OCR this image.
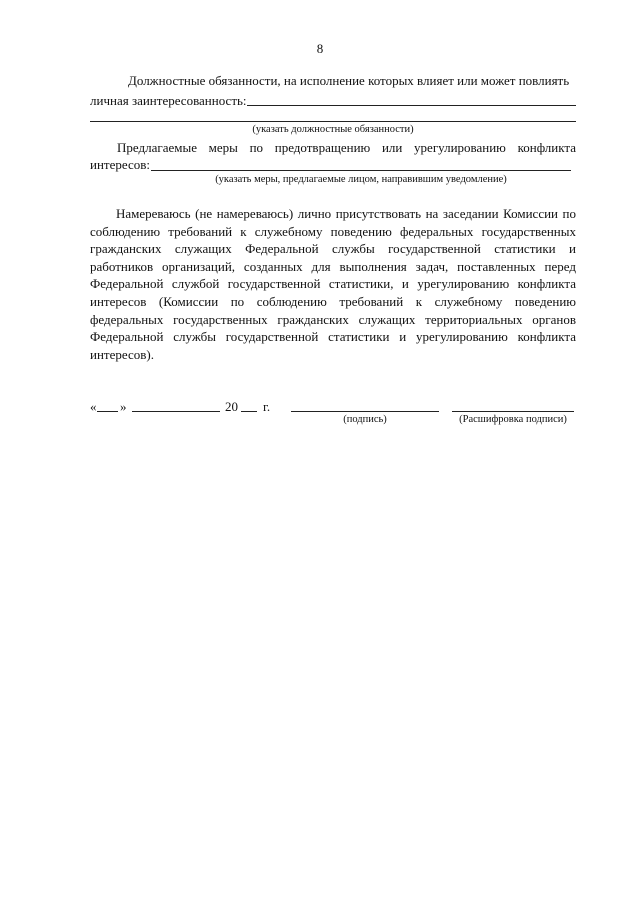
8
Должностные обязанности, на исполнение которых влияет или может повлиять
личная заинтересованность:
(указать должностные обязанности)
Предлагаемые меры по предотвращению или урегулированию конфликта
интересов:
(указать меры, предлагаемые лицом, направившим уведомление)
Намереваюсь (не намереваюсь) лично присутствовать на заседании Комиссии по соблюдению требований к служебному поведению федеральных государственных гражданских служащих Федеральной службы государственной статистики и работников организаций, созданных для выполнения задач, поставленных перед Федеральной службой государственной статистики, и урегулированию конфликта интересов (Комиссии по соблюдению требований к служебному поведению федеральных государственных гражданских служащих территориальных органов Федеральной службы государственной статистики и урегулированию конфликта интересов).
« »	20 г.
(подпись)	(Расшифровка подписи)
